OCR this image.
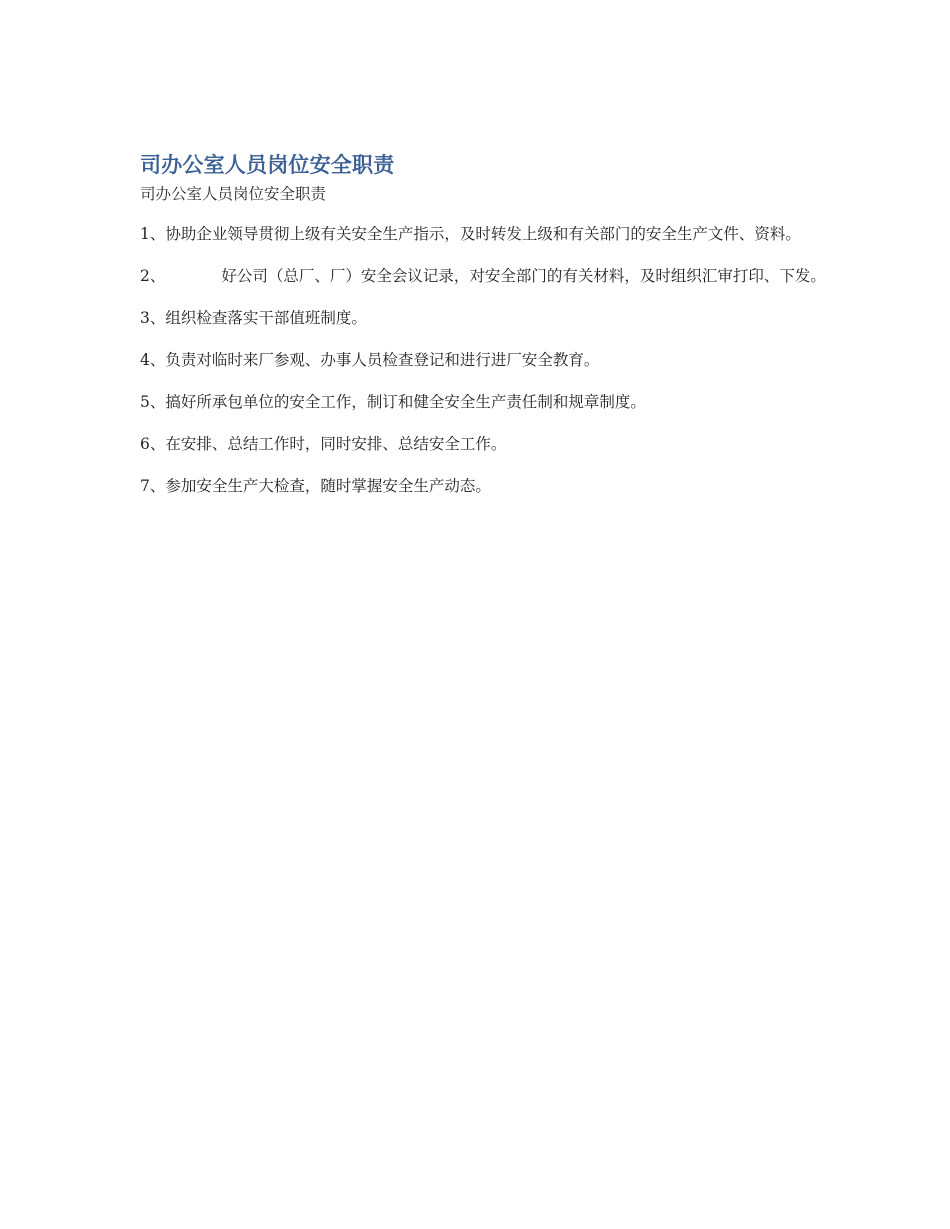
司办公室人员岗位安全职责
司办公室人员岗位安全职责
1、协助企业领导贯彻上级有关安全生产指示，及时转发上级和有关部门的安全生产文件、资料。
2、	好公司（总厂、厂）安全会议记录，对安全部门的有关材料，及时组织汇审打印、下发。
3、组织检查落实干部值班制度。
4、负责对临时来厂参观、办事人员检查登记和进行进厂安全教育。
5、搞好所承包单位的安全工作，制订和健全安全生产责任制和规章制度。
6、在安排、总结工作时，同时安排、总结安全工作。
7、参加安全生产大检查，随时掌握安全生产动态。
